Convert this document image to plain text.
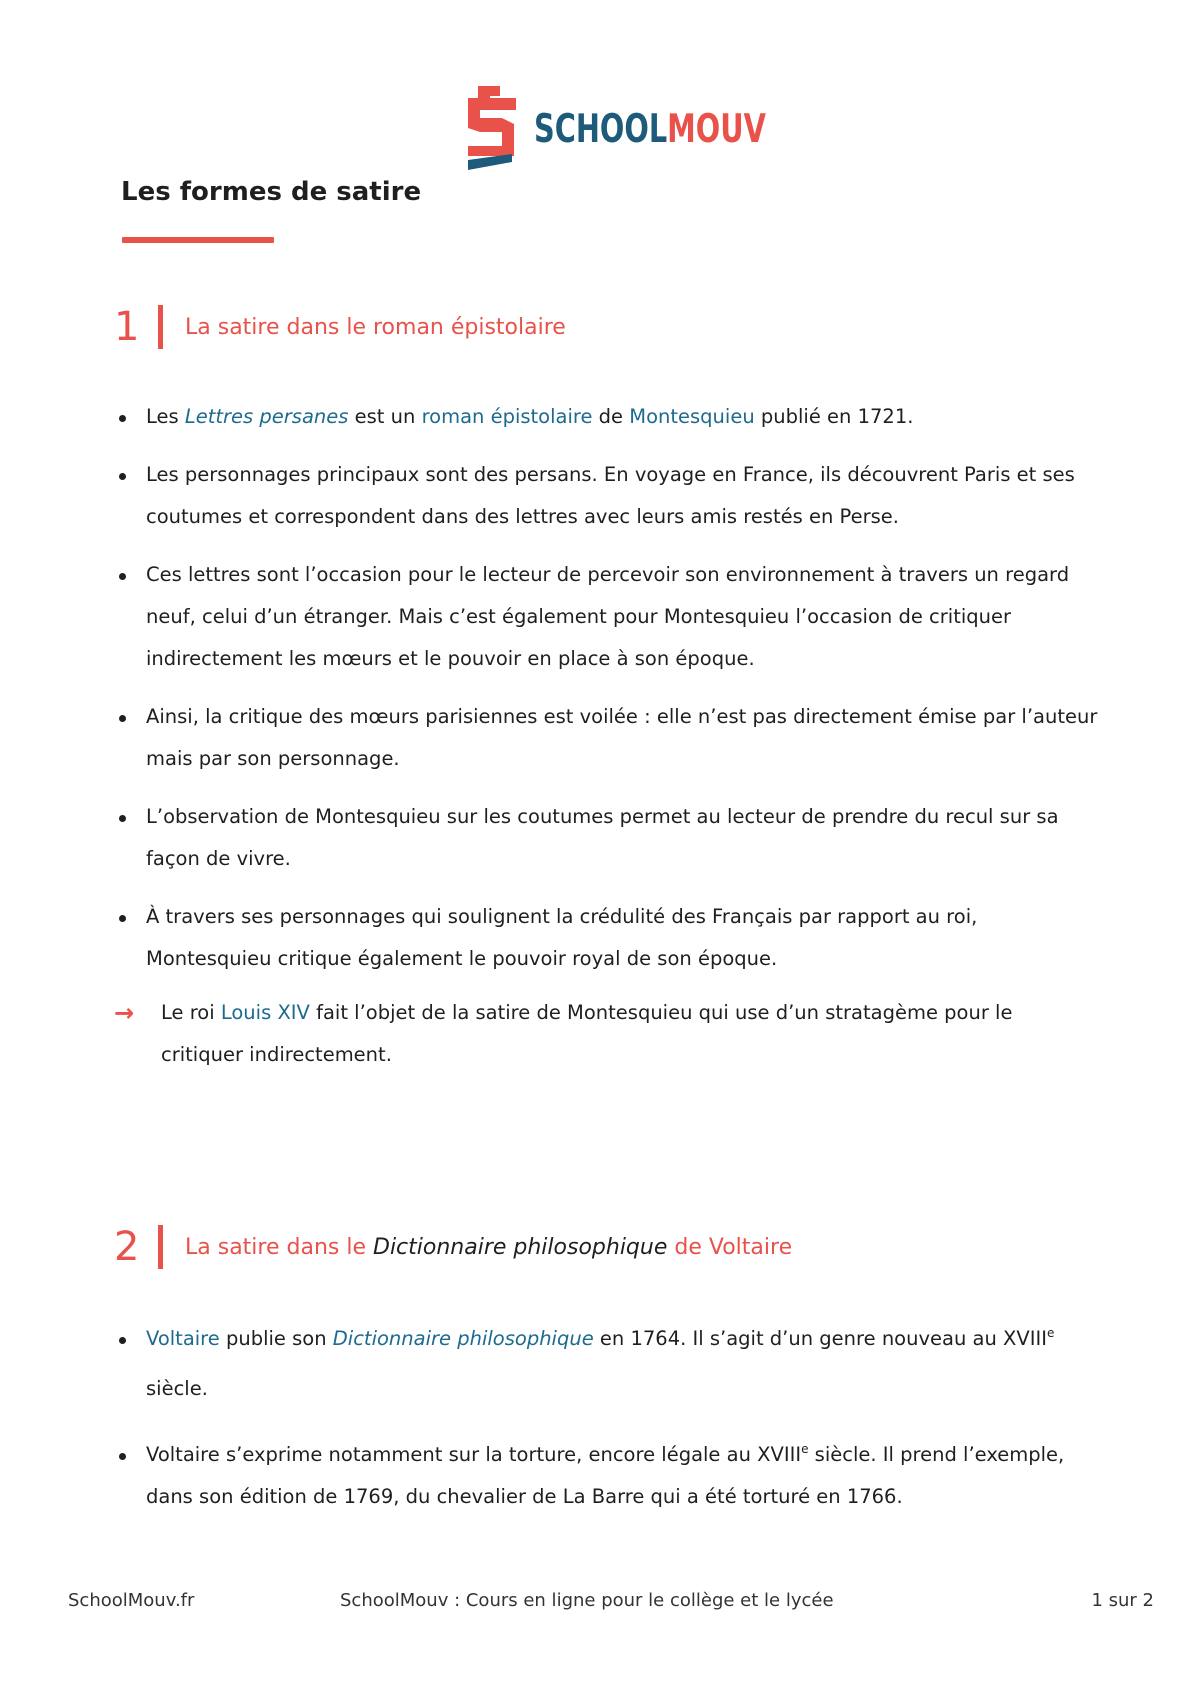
SCHOOLMOUV
Les formes de satire
1	La satire dans le roman épistolaire
Les Lettres persanes est un roman épistolaire de Montesquieu publié en 1721.
Les personnages principaux sont des persans. En voyage en France, ils découvrent Paris et ses coutumes et correspondent dans des lettres avec leurs amis restés en Perse.
Ces lettres sont l’occasion pour le lecteur de percevoir son environnement à travers un regard neuf, celui d’un étranger. Mais c’est également pour Montesquieu l’occasion de critiquer indirectement les mœurs et le pouvoir en place à son époque.
Ainsi, la critique des mœurs parisiennes est voilée : elle n’est pas directement émise par l’auteur mais par son personnage.
L’observation de Montesquieu sur les coutumes permet au lecteur de prendre du recul sur sa façon de vivre.
À travers ses personnages qui soulignent la crédulité des Français par rapport au roi, Montesquieu critique également le pouvoir royal de son époque.
→ Le roi Louis XIV fait l’objet de la satire de Montesquieu qui use d’un stratagème pour le critiquer indirectement.
2	La satire dans le Dictionnaire philosophique de Voltaire
Voltaire publie son Dictionnaire philosophique en 1764. Il s’agit d’un genre nouveau au XVIIIe siècle.
Voltaire s’exprime notamment sur la torture, encore légale au XVIIIe siècle. Il prend l’exemple, dans son édition de 1769, du chevalier de La Barre qui a été torturé en 1766.
SchoolMouv.fr	SchoolMouv : Cours en ligne pour le collège et le lycée	1 sur 2
